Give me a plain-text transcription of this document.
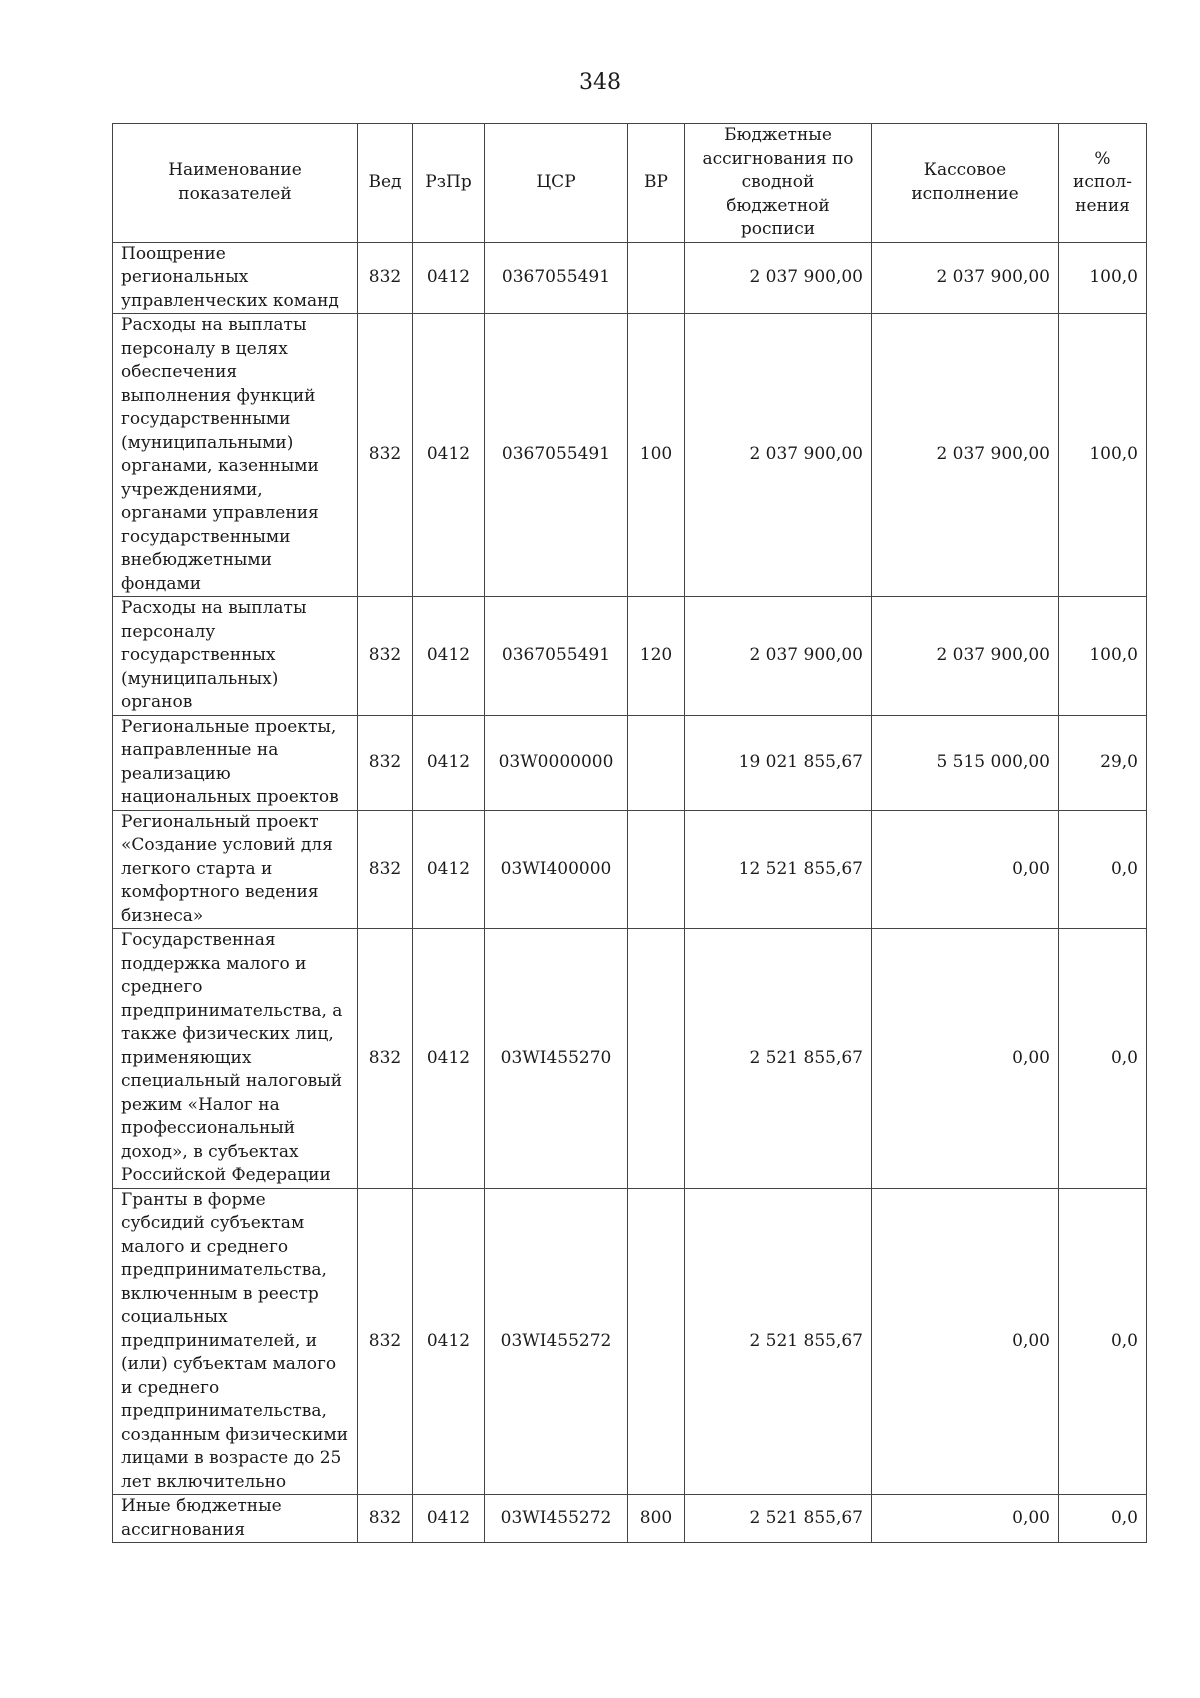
348
Наименование показателей	Вед	РзПр	ЦСР	ВР	Бюджетные ассигнования по сводной бюджетной росписи	Кассовое исполнение	% испол-нения
Поощрение региональных управленческих команд	832	0412	0367055491		2 037 900,00	2 037 900,00	100,0
Расходы на выплаты персоналу в целях обеспечения выполнения функций государственными (муниципальными) органами, казенными учреждениями, органами управления государственными внебюджетными фондами	832	0412	0367055491	100	2 037 900,00	2 037 900,00	100,0
Расходы на выплаты персоналу государственных (муниципальных) органов	832	0412	0367055491	120	2 037 900,00	2 037 900,00	100,0
Региональные проекты, направленные на реализацию национальных проектов	832	0412	03W0000000		19 021 855,67	5 515 000,00	29,0
Региональный проект «Создание условий для легкого старта и комфортного ведения бизнеса»	832	0412	03WI400000		12 521 855,67	0,00	0,0
Государственная поддержка малого и среднего предпринимательства, а также физических лиц, применяющих специальный налоговый режим «Налог на профессиональный доход», в субъектах Российской Федерации	832	0412	03WI455270		2 521 855,67	0,00	0,0
Гранты в форме субсидий субъектам малого и среднего предпринимательства, включенным в реестр социальных предпринимателей, и (или) субъектам малого и среднего предпринимательства, созданным физическими лицами в возрасте до 25 лет включительно	832	0412	03WI455272		2 521 855,67	0,00	0,0
Иные бюджетные ассигнования	832	0412	03WI455272	800	2 521 855,67	0,00	0,0
